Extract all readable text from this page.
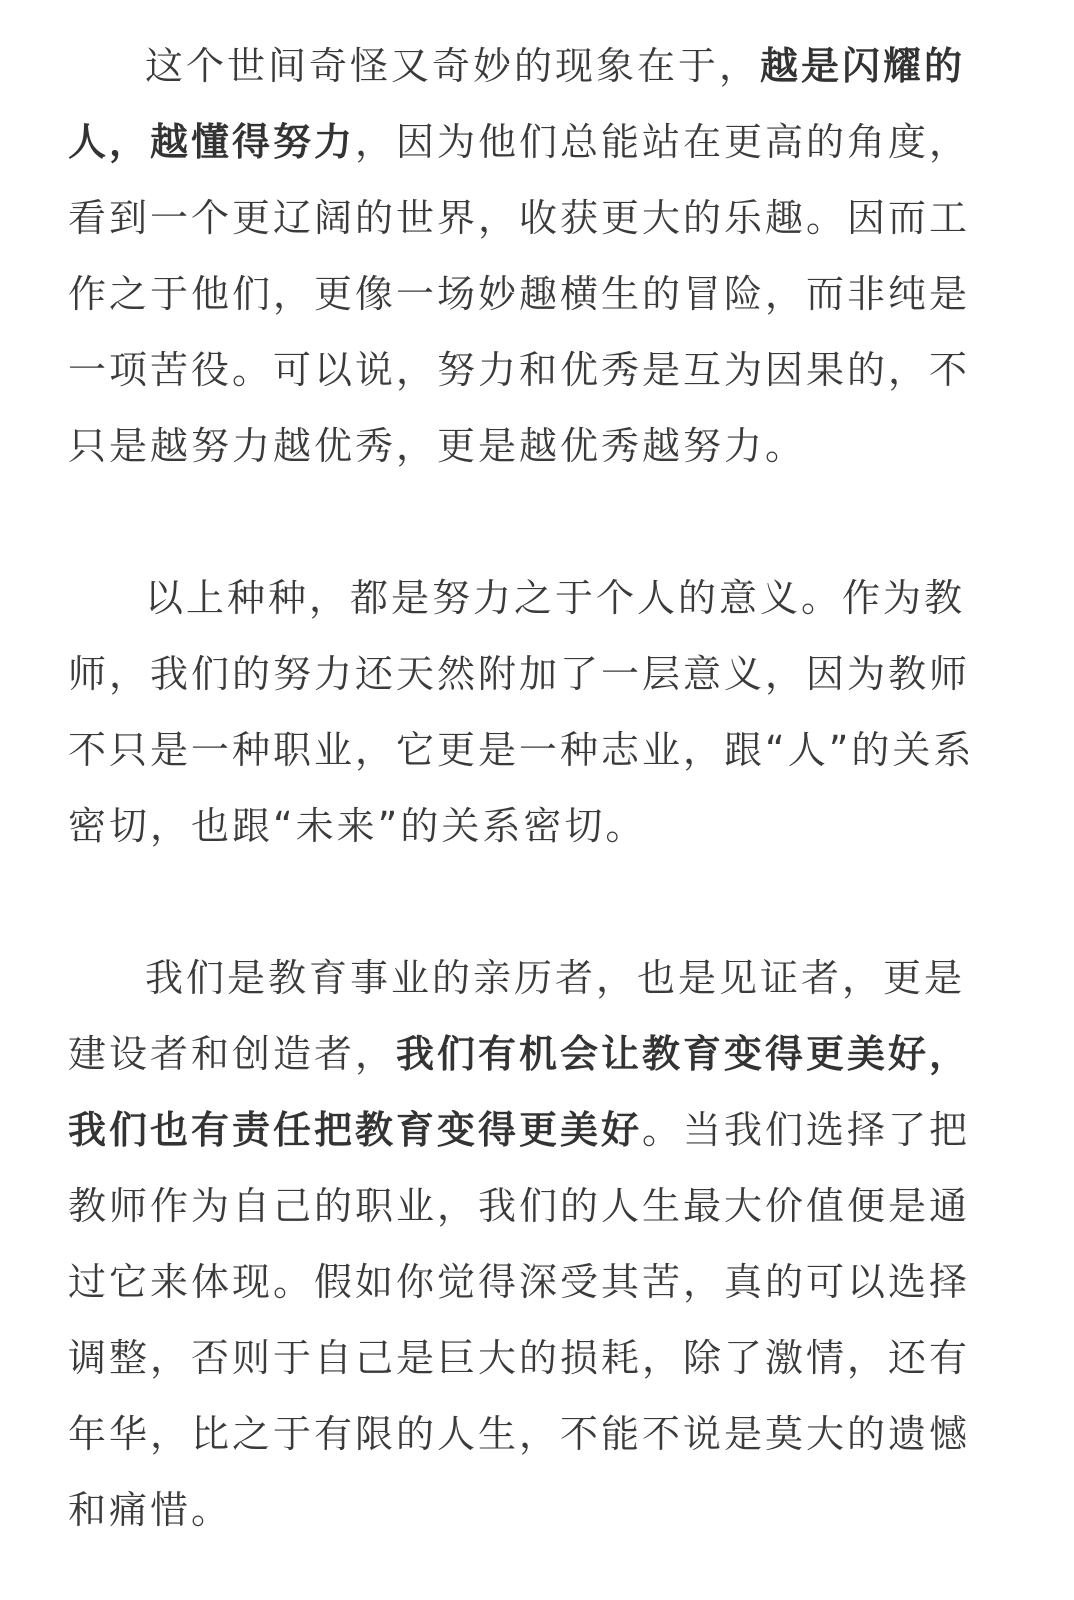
这个世间奇怪又奇妙的现象在于，越是闪耀的
人，越懂得努力，因为他们总能站在更高的角度，
看到一个更辽阔的世界，收获更大的乐趣。因而工
作之于他们，更像一场妙趣横生的冒险，而非纯是
一项苦役。可以说，努力和优秀是互为因果的，不
只是越努力越优秀，更是越优秀越努力。
以上种种，都是努力之于个人的意义。作为教
师，我们的努力还天然附加了一层意义，因为教师
不只是一种职业，它更是一种志业，跟“人”的关系
密切，也跟“未来”的关系密切。
我们是教育事业的亲历者，也是见证者，更是
建设者和创造者，我们有机会让教育变得更美好，
我们也有责任把教育变得更美好。当我们选择了把
教师作为自己的职业，我们的人生最大价值便是通
过它来体现。假如你觉得深受其苦，真的可以选择
调整，否则于自己是巨大的损耗，除了激情，还有
年华，比之于有限的人生，不能不说是莫大的遗憾
和痛惜。
